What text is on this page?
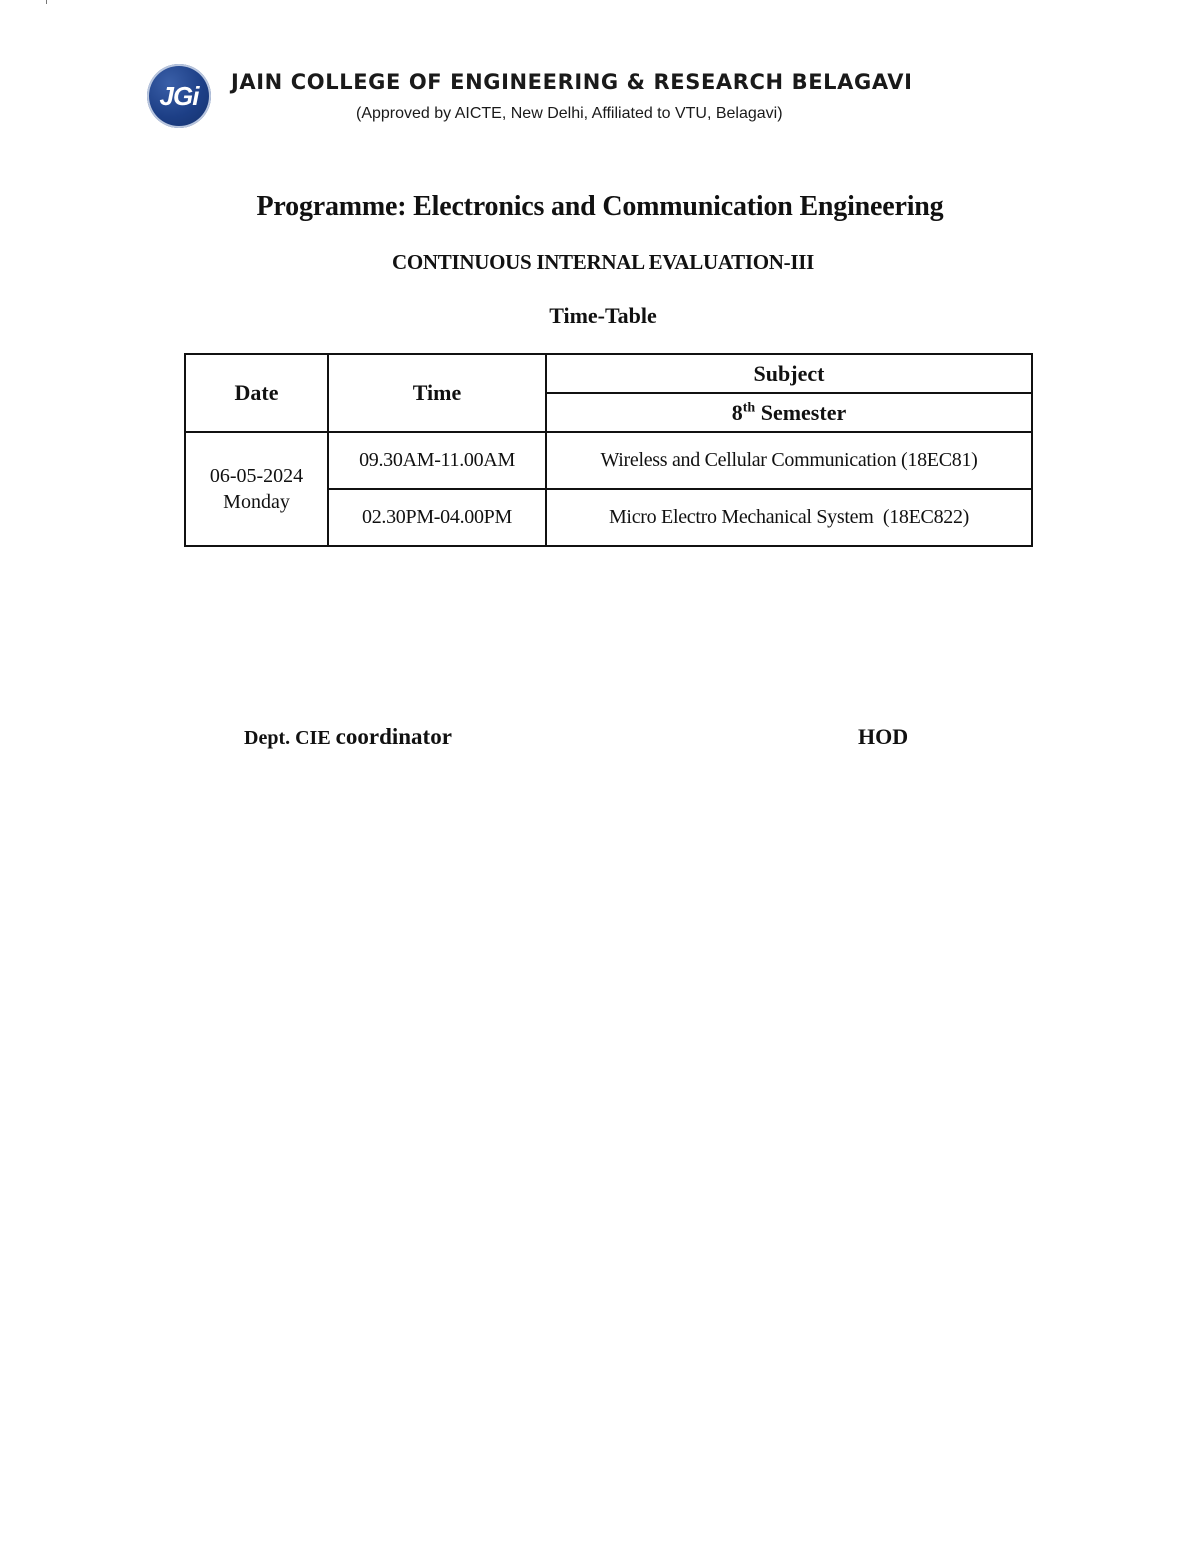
JGi JAIN COLLEGE OF ENGINEERING & RESEARCH BELAGAVI
(Approved by AICTE, New Delhi, Affiliated to VTU, Belagavi)
Programme: Electronics and Communication Engineering
CONTINUOUS INTERNAL EVALUATION-III
Time-Table
Date	Time	Subject
		8th Semester
06-05-2024
Monday	09.30AM-11.00AM	Wireless and Cellular Communication (18EC81)
	02.30PM-04.00PM	Micro Electro Mechanical System  (18EC822)
Dept. CIE coordinator	HOD
